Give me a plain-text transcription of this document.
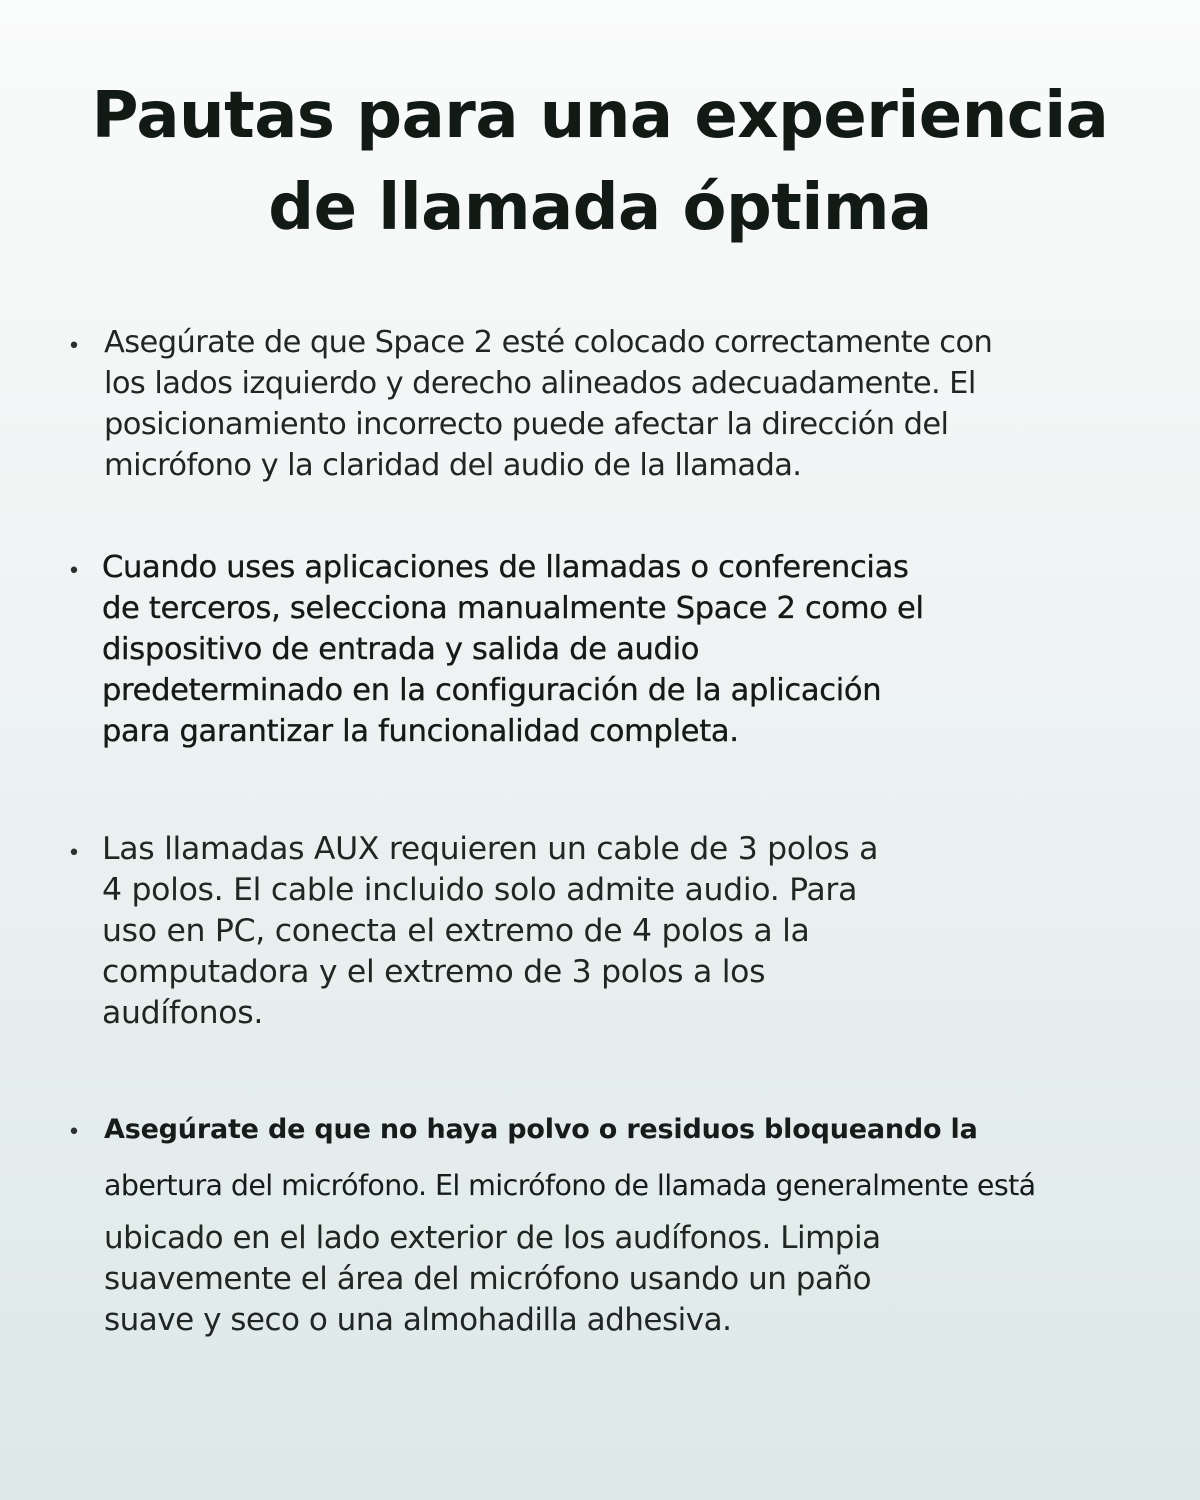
Pautas para una experiencia
de llamada óptima
• Asegúrate de que Space 2 esté colocado correctamente con
los lados izquierdo y derecho alineados adecuadamente. El
posicionamiento incorrecto puede afectar la dirección del
micrófono y la claridad del audio de la llamada.

• Cuando uses aplicaciones de llamadas o conferencias
de terceros, selecciona manualmente Space 2 como el
dispositivo de entrada y salida de audio
predeterminado en la configuración de la aplicación
para garantizar la funcionalidad completa.

• Las llamadas AUX requieren un cable de 3 polos a
4 polos. El cable incluido solo admite audio. Para
uso en PC, conecta el extremo de 4 polos a la
computadora y el extremo de 3 polos a los
audífonos.

• Asegúrate de que no haya polvo o residuos bloqueando la
abertura del micrófono. El micrófono de llamada generalmente está
ubicado en el lado exterior de los audífonos. Limpia
suavemente el área del micrófono usando un paño
suave y seco o una almohadilla adhesiva.
